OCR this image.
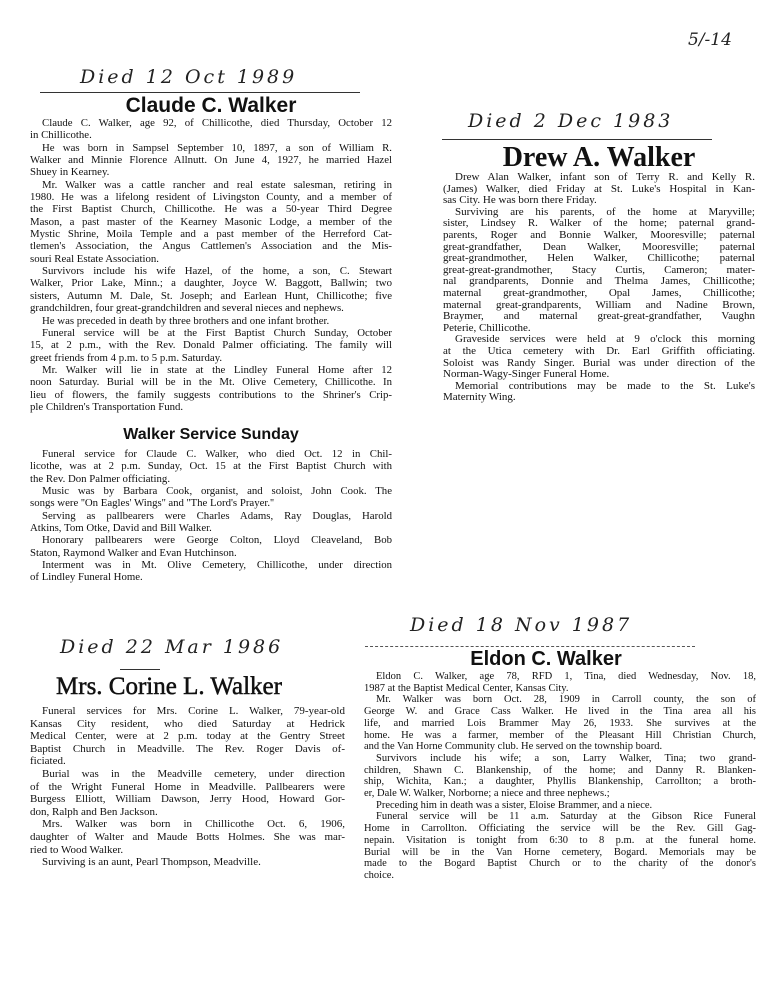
5/-14
Died 12 Oct 1989
Claude C. Walker
Claude C. Walker, age 92, of Chillicothe, died Thursday, October 12
in Chillicothe.
He was born in Sampsel September 10, 1897, a son of William R.
Walker and Minnie Florence Allnutt. On June 4, 1927, he married Hazel
Shuey in Kearney.
Mr. Walker was a cattle rancher and real estate salesman, retiring in
1980. He was a lifelong resident of Livingston County, and a member of
the First Baptist Church, Chillicothe. He was a 50-year Third Degree
Mason, a past master of the Kearney Masonic Lodge, a member of the
Mystic Shrine, Moila Temple and a past member of the Herreford Cat-
tlemen's Association, the Angus Cattlemen's Association and the Mis-
souri Real Estate Association.
Survivors include his wife Hazel, of the home, a son, C. Stewart
Walker, Prior Lake, Minn.; a daughter, Joyce W. Baggott, Ballwin; two
sisters, Autumn M. Dale, St. Joseph; and Earlean Hunt, Chillicothe; five
grandchildren, four great-grandchildren and several nieces and nephews.
He was preceded in death by three brothers and one infant brother.
Funeral service will be at the First Baptist Church Sunday, October
15, at 2 p.m., with the Rev. Donald Palmer officiating. The family will
greet friends from 4 p.m. to 5 p.m. Saturday.
Mr. Walker will lie in state at the Lindley Funeral Home after 12
noon Saturday. Burial will be in the Mt. Olive Cemetery, Chillicothe. In
lieu of flowers, the family suggests contributions to the Shriner's Crip-
ple Children's Transportation Fund.
Walker Service Sunday
Funeral service for Claude C. Walker, who died Oct. 12 in Chil-
licothe, was at 2 p.m. Sunday, Oct. 15 at the First Baptist Church with
the Rev. Don Palmer officiating.
Music was by Barbara Cook, organist, and soloist, John Cook. The
songs were ''On Eagles' Wings'' and ''The Lord's Prayer.''
Serving as pallbearers were Charles Adams, Ray Douglas, Harold
Atkins, Tom Otke, David and Bill Walker.
Honorary pallbearers were George Colton, Lloyd Cleaveland, Bob
Staton, Raymond Walker and Evan Hutchinson.
Interment was in Mt. Olive Cemetery, Chillicothe, under direction
of Lindley Funeral Home.
Died 2 Dec 1983
Drew A. Walker
Drew Alan Walker, infant son of Terry R. and Kelly R.
(James) Walker, died Friday at St. Luke's Hospital in Kan-
sas City. He was born there Friday.
Surviving are his parents, of the home at Maryville;
sister, Lindsey R. Walker of the home; paternal grand-
parents, Roger and Bonnie Walker, Mooresville; paternal
great-grandfather, Dean Walker, Mooresville; paternal
great-grandmother, Helen Walker, Chillicothe; paternal
great-great-grandmother, Stacy Curtis, Cameron; mater-
nal grandparents, Donnie and Thelma James, Chillicothe;
maternal great-grandmother, Opal James, Chillicothe;
maternal great-grandparents, William and Nadine Brown,
Braymer, and maternal great-great-grandfather, Vaughn
Peterie, Chillicothe.
Graveside services were held at 9 o'clock this morning
at the Utica cemetery with Dr. Earl Griffith officiating.
Soloist was Randy Singer. Burial was under direction of the
Norman-Wagy-Singer Funeral Home.
Memorial contributions may be made to the St. Luke's
Maternity Wing.
Died 22 Mar 1986
Mrs. Corine L. Walker
Funeral services for Mrs. Corine L. Walker, 79-year-old
Kansas City resident, who died Saturday at Hedrick
Medical Center, were at 2 p.m. today at the Gentry Street
Baptist Church in Meadville. The Rev. Roger Davis of-
ficiated.
Burial was in the Meadville cemetery, under direction
of the Wright Funeral Home in Meadville. Pallbearers were
Burgess Elliott, William Dawson, Jerry Hood, Howard Gor-
don, Ralph and Ben Jackson.
Mrs. Walker was born in Chillicothe Oct. 6, 1906,
daughter of Walter and Maude Botts Holmes. She was mar-
ried to Wood Walker.
Surviving is an aunt, Pearl Thompson, Meadville.
Died 18 Nov 1987
Eldon C. Walker
Eldon C. Walker, age 78, RFD 1, Tina, died Wednesday, Nov. 18,
1987 at the Baptist Medical Center, Kansas City.
Mr. Walker was born Oct. 28, 1909 in Carroll county, the son of
George W. and Grace Cass Walker. He lived in the Tina area all his
life, and married Lois Brammer May 26, 1933. She survives at the
home. He was a farmer, member of the Pleasant Hill Christian Church,
and the Van Horne Community club. He served on the township board.
Survivors include his wife; a son, Larry Walker, Tina; two grand-
children, Shawn C. Blankenship, of the home; and Danny R. Blanken-
ship, Wichita, Kan.; a daughter, Phyllis Blankenship, Carrollton; a broth-
er, Dale W. Walker, Norborne; a niece and three nephews.;
Preceding him in death was a sister, Eloise Brammer, and a niece.
Funeral service will be 11 a.m. Saturday at the Gibson Rice Funeral
Home in Carrollton. Officiating the service will be the Rev. Gill Gag-
nepain. Visitation is tonight from 6:30 to 8 p.m. at the funeral home.
Burial will be in the Van Horne cemetery, Bogard. Memorials may be
made to the Bogard Baptist Church or to the charity of the donor's
choice.
